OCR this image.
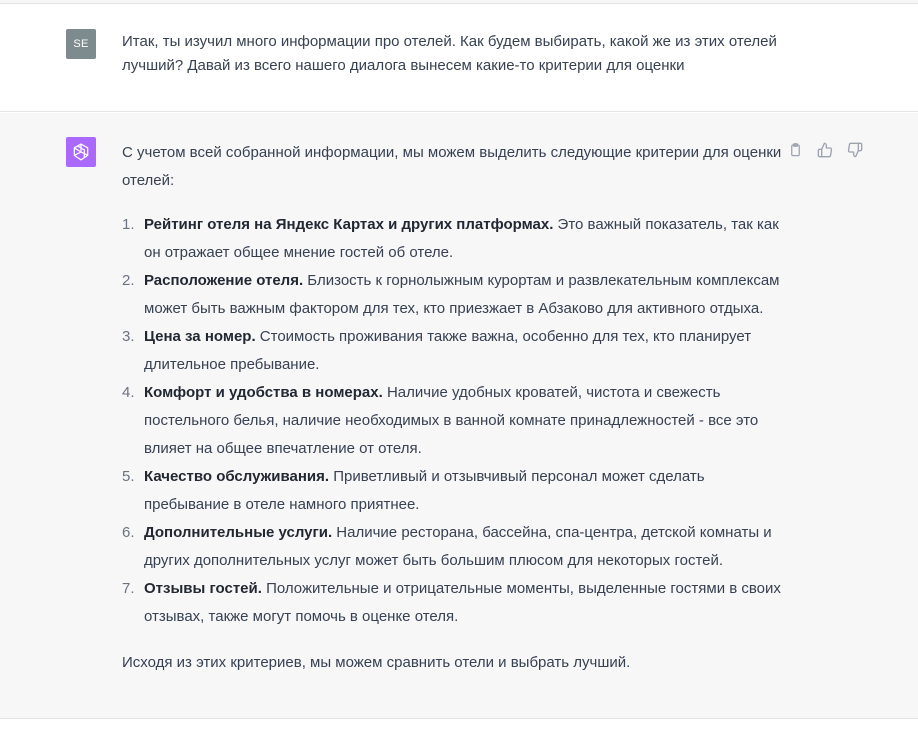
SE	Итак, ты изучил много информации про отелей. Как будем выбирать, какой же из этих отелей лучший? Давай из всего нашего диалога вынесем какие-то критерии для оценки

С учетом всей собранной информации, мы можем выделить следующие критерии для оценки отелей:

1. Рейтинг отеля на Яндекс Картах и других платформах. Это важный показатель, так как он отражает общее мнение гостей об отеле.
2. Расположение отеля. Близость к горнолыжным курортам и развлекательным комплексам может быть важным фактором для тех, кто приезжает в Абзаково для активного отдыха.
3. Цена за номер. Стоимость проживания также важна, особенно для тех, кто планирует длительное пребывание.
4. Комфорт и удобства в номерах. Наличие удобных кроватей, чистота и свежесть постельного белья, наличие необходимых в ванной комнате принадлежностей - все это влияет на общее впечатление от отеля.
5. Качество обслуживания. Приветливый и отзывчивый персонал может сделать пребывание в отеле намного приятнее.
6. Дополнительные услуги. Наличие ресторана, бассейна, спа-центра, детской комнаты и других дополнительных услуг может быть большим плюсом для некоторых гостей.
7. Отзывы гостей. Положительные и отрицательные моменты, выделенные гостями в своих отзывах, также могут помочь в оценке отеля.

Исходя из этих критериев, мы можем сравнить отели и выбрать лучший.
